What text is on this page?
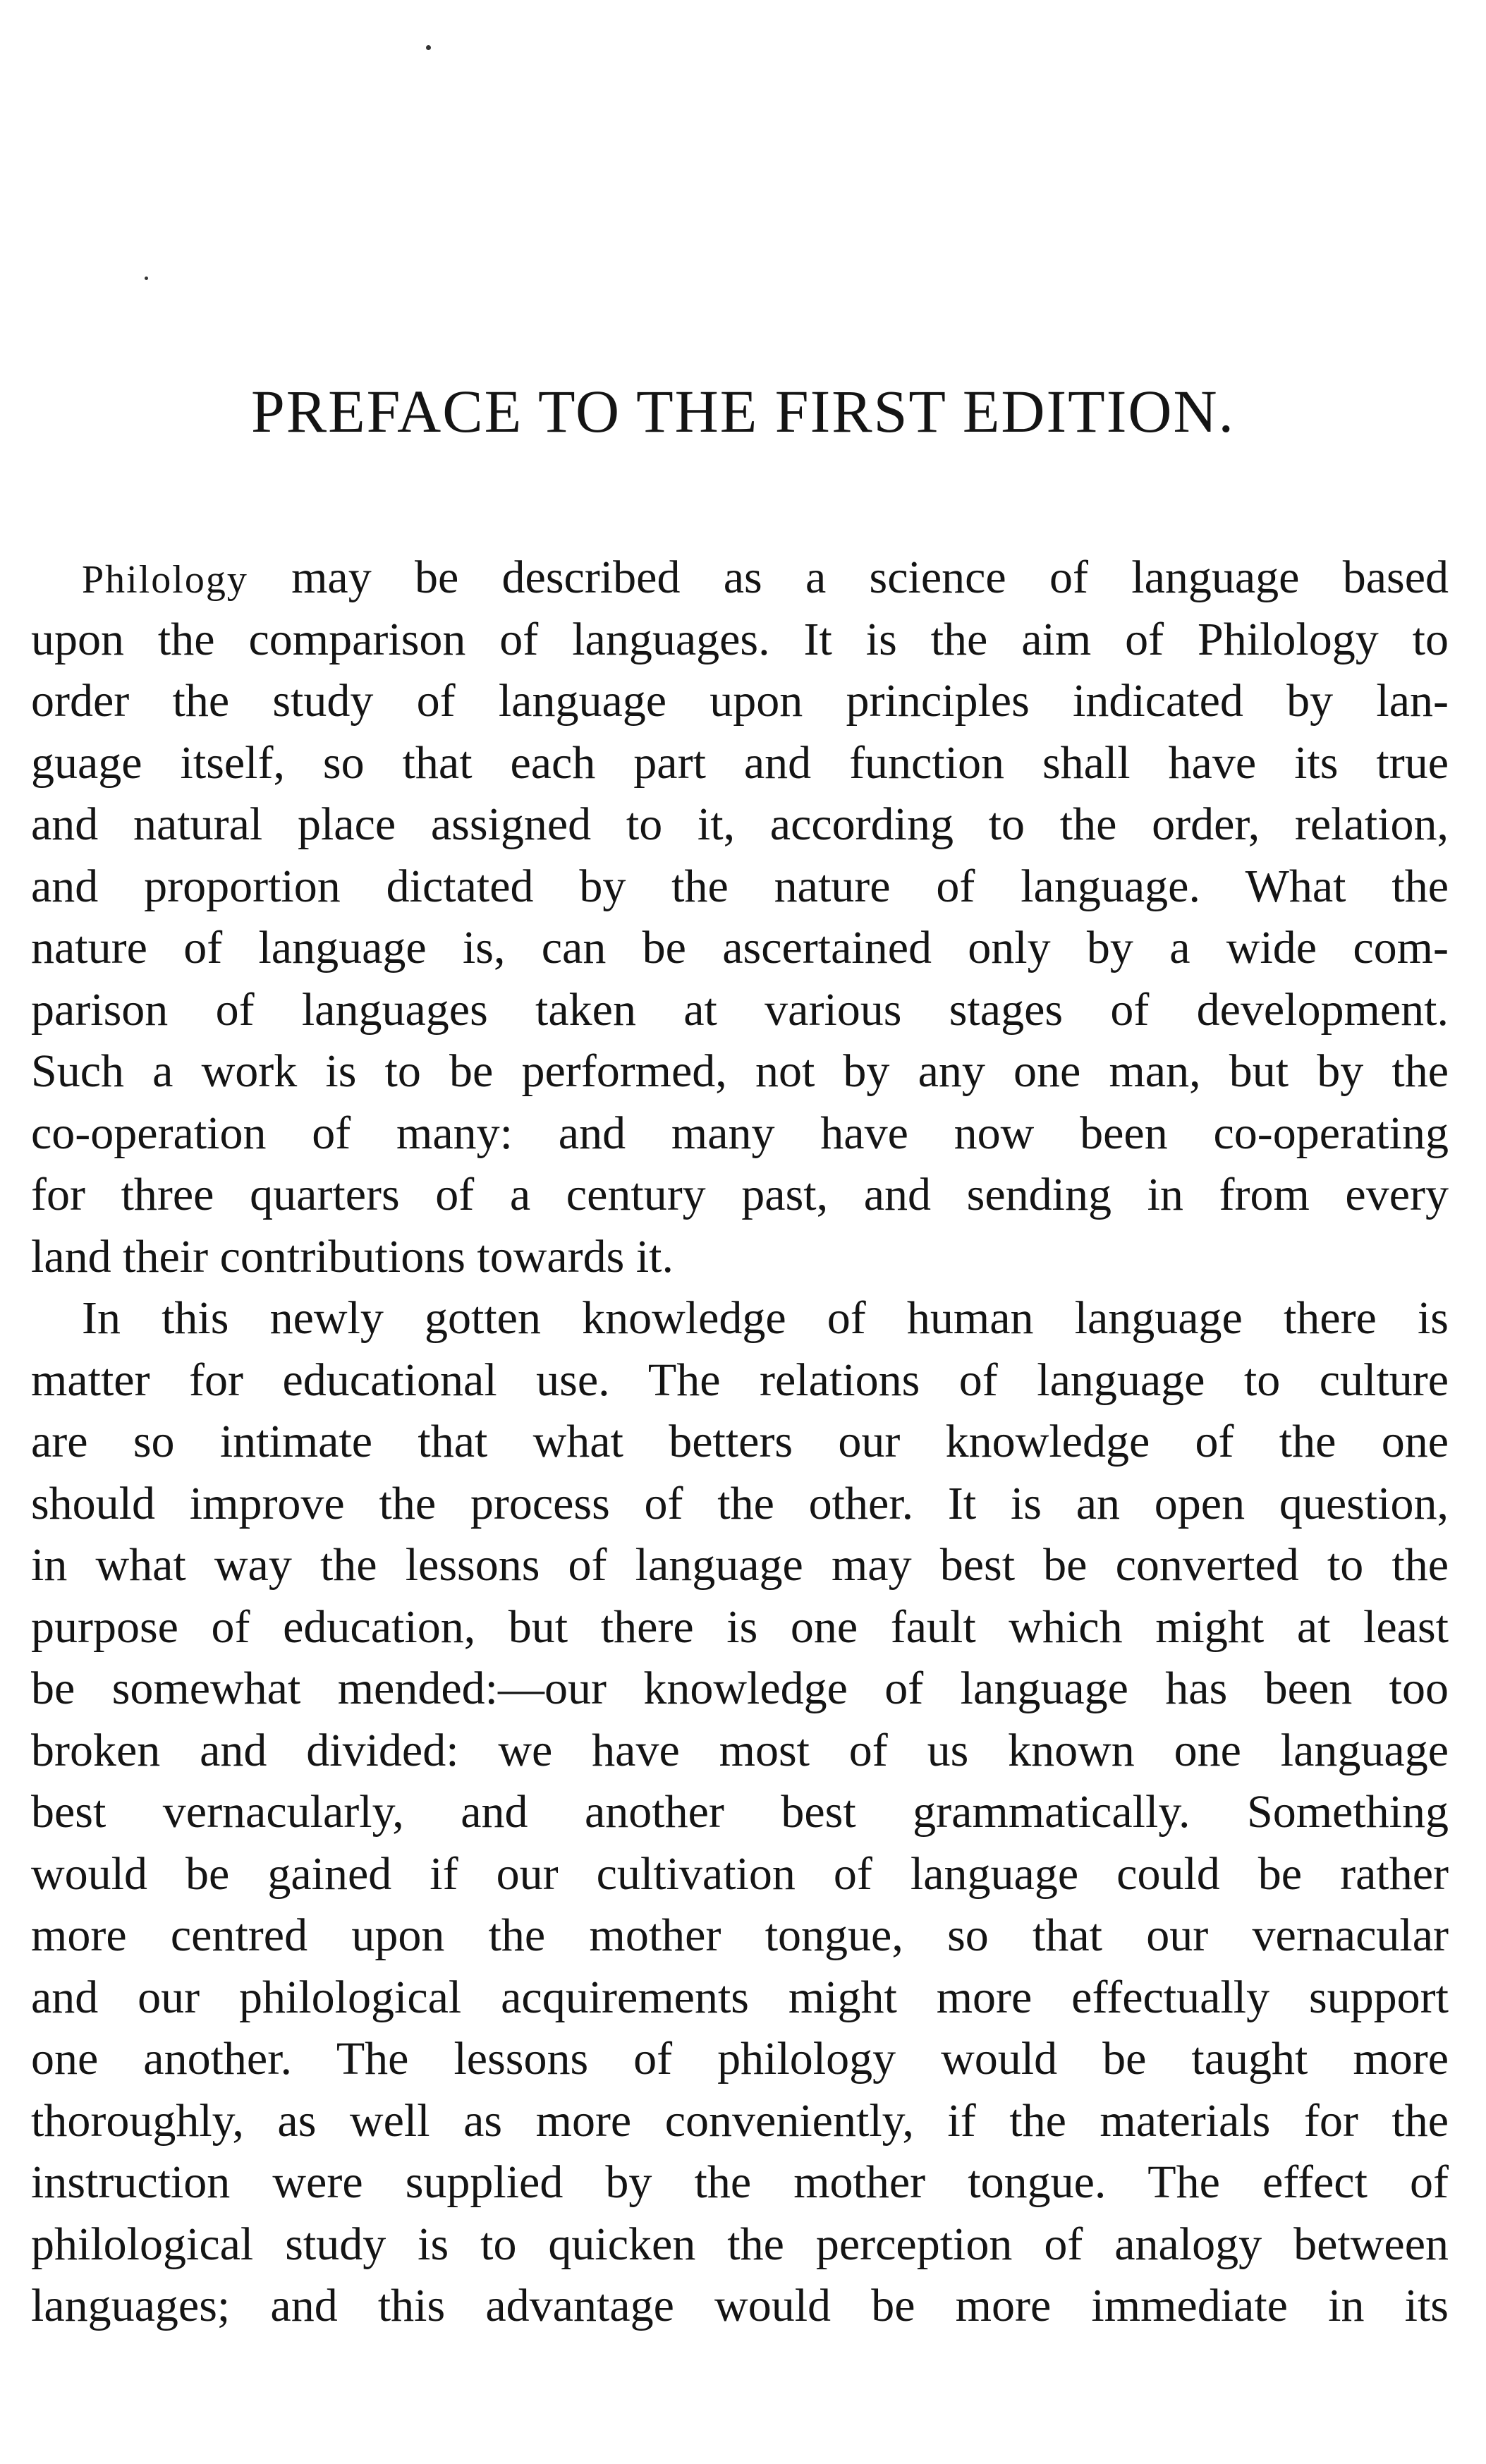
PREFACE TO THE FIRST EDITION.
Philology may be described as a science of language based
upon the comparison of languages. It is the aim of Philology to
order the study of language upon principles indicated by lan-
guage itself, so that each part and function shall have its true
and natural place assigned to it, according to the order, relation,
and proportion dictated by the nature of language. What the
nature of language is, can be ascertained only by a wide com-
parison of languages taken at various stages of development.
Such a work is to be performed, not by any one man, but by the
co-operation of many: and many have now been co-operating
for three quarters of a century past, and sending in from every
land their contributions towards it.
In this newly gotten knowledge of human language there is
matter for educational use. The relations of language to culture
are so intimate that what betters our knowledge of the one
should improve the process of the other. It is an open question,
in what way the lessons of language may best be converted to the
purpose of education, but there is one fault which might at least
be somewhat mended:—our knowledge of language has been too
broken and divided: we have most of us known one language
best vernacularly, and another best grammatically. Something
would be gained if our cultivation of language could be rather
more centred upon the mother tongue, so that our vernacular
and our philological acquirements might more effectually support
one another. The lessons of philology would be taught more
thoroughly, as well as more conveniently, if the materials for the
instruction were supplied by the mother tongue. The effect of
philological study is to quicken the perception of analogy between
languages; and this advantage would be more immediate in its
